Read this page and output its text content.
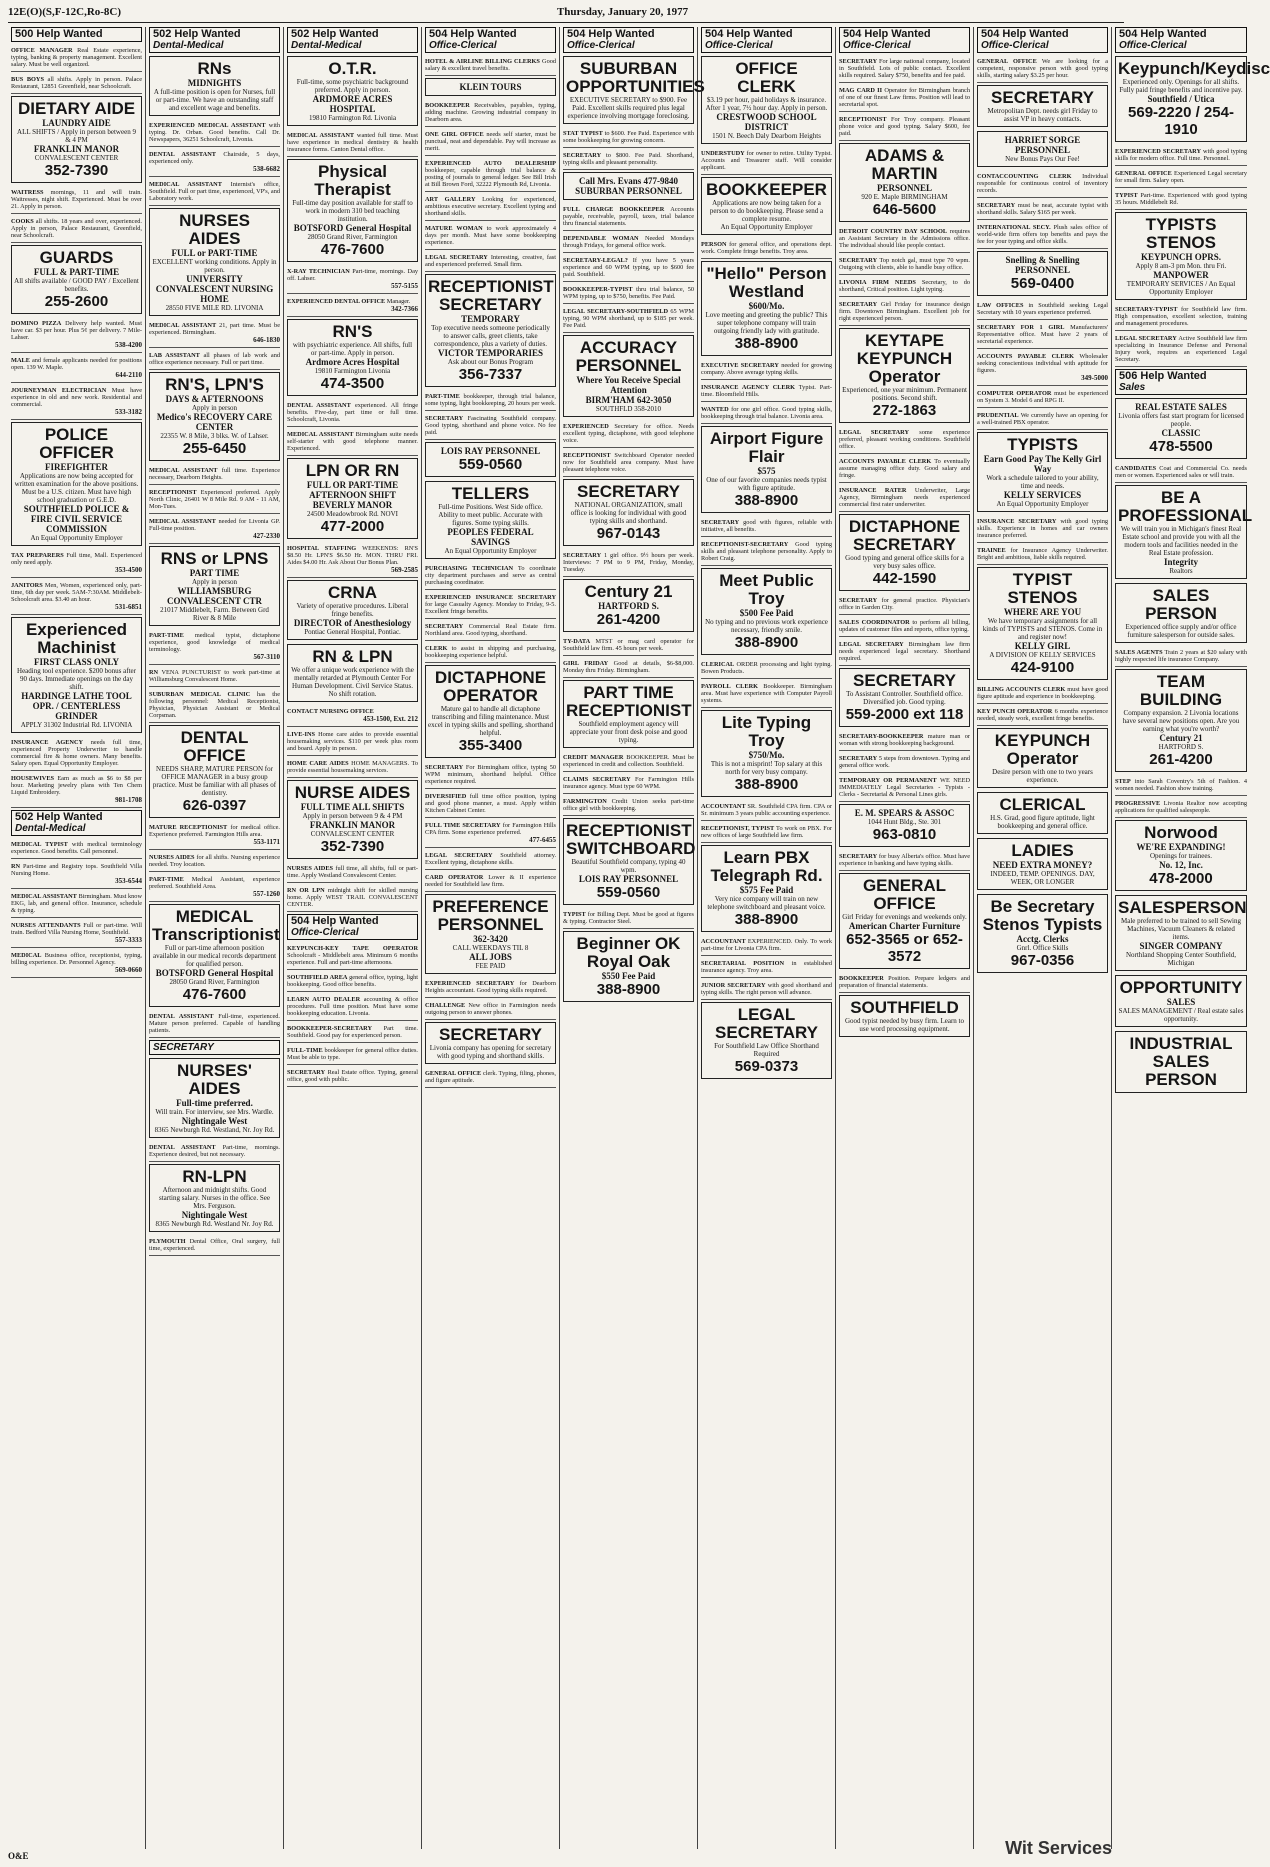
12E(O)(S,F-12C,Ro-8C)	Thursday, January 20, 1977
500 Help Wanted
OFFICE MANAGER Real Estate experience, typing, banking & property management. Excellent salary. Must be well organized.
BUS BOYS all shifts. Apply in person. Palace Restaurant, 12851 Greenfield, near Schoolcraft.
DIETARY AIDE
LAUNDRY AIDE
ALL SHIFTS / Apply in person between 9 & 4 PM
FRANKLIN MANOR
CONVALESCENT CENTER
352-7390
WAITRESS mornings, 11 and will train. Waitresses, night shift. Experienced. Must be over 21. Apply in person.
COOKS all shifts. 18 years and over, experienced. Apply in person, Palace Restaurant, Greenfield, near Schoolcraft.
GUARDS
FULL & PART-TIME
All shifts available / GOOD PAY / Excellent benefits.
255-2600
DOMINO PIZZA Delivery help wanted. Must have car. $3 per hour. Plus 5¢ per delivery. 7 Mile-Lahser.
538-4200
MALE and female applicants needed for positions open. 139 W. Maple.
644-2110
JOURNEYMAN ELECTRICIAN Must have experience in old and new work. Residential and commercial.
533-3182
POLICE OFFICER
FIREFIGHTER
Applications are now being accepted for written examination for the above positions. Must be a U.S. citizen. Must have high school graduation or G.E.D.
SOUTHFIELD POLICE & FIRE CIVIL SERVICE COMMISSION
An Equal Opportunity Employer
TAX PREPARERS Full time, Mall. Experienced only need apply.
353-4500
JANITORS Men, Women, experienced only, part-time, 6th day per week. 5AM-7:30AM. Middlebelt-Schoolcraft area. $3.40 an hour.
531-6851
Experienced Machinist
FIRST CLASS ONLY
Heading tool experience. $200 bonus after 90 days. Immediate openings on the day shift.
HARDINGE LATHE TOOL OPR. / CENTERLESS GRINDER
APPLY 31302 Industrial Rd. LIVONIA
INSURANCE AGENCY needs full time, experienced Property Underwriter to handle commercial fire & home owners. Many benefits. Salary open. Equal Opportunity Employer.
HOUSEWIVES Earn as much as $6 to $8 per hour. Marketing jewelry plans with Ten Chem Liquid Embroidery.
981-1708
502 Help Wanted
Dental-Medical
MEDICAL TYPIST with medical terminology experience. Good benefits. Call personnel.
RN Part-time and Registry tops. Southfield Villa Nursing Home.
353-6544
MEDICAL ASSISTANT Birmingham. Must know EKG, lab, and general office. Insurance, schedule & typing.
NURSES ATTENDANTS Full or part-time. Will train. Bedford Villa Nursing Home, Southfield.
557-3333
MEDICAL Business office, receptionist, typing, billing experience. Dr. Personnel Agency.
569-0660
502 Help Wanted
Dental-Medical
RNs
MIDNIGHTS
A full-time position is open for Nurses, full or part-time. We have an outstanding staff and excellent wage and benefits.
EXPERIENCED MEDICAL ASSISTANT with typing. Dr. Orban. Good benefits. Call Dr. Newspapers, 36251 Schoolcraft, Livonia.
DENTAL ASSISTANT Chairside, 5 days, experienced only.
538-6682
MEDICAL ASSISTANT Internist's office, Southfield. Full or part time, experienced, VP's, and Laboratory work.
NURSES AIDES
FULL or PART-TIME
EXCELLENT working conditions. Apply in person.
UNIVERSITY CONVALESCENT NURSING HOME
28550 FIVE MILE RD. LIVONIA
MEDICAL ASSISTANT 21, part time. Must be experienced. Birmingham.
646-1830
LAB ASSISTANT all phases of lab work and office experience necessary. Full or part time.
RN'S, LPN'S
DAYS & AFTERNOONS
Apply in person
Medico's RECOVERY CARE CENTER
22355 W. 8 Mile, 3 blks. W. of Lahser.
255-6450
MEDICAL ASSISTANT full time. Experience necessary, Dearborn Heights.
RECEPTIONIST Experienced preferred. Apply North Clinic, 26401 W 8 Mile Rd. 9 AM - 11 AM, Mon-Tues.
MEDICAL ASSISTANT needed for Livonia GP. Full-time position.
427-2330
RNS or LPNS
PART TIME
Apply in person
WILLIAMSBURG CONVALESCENT CTR
21017 Middlebelt, Farm. Between Grd River & 8 Mile
PART-TIME medical typist, dictaphone experience, good knowledge of medical terminology.
567-3110
RN VENA PUNCTURIST to work part-time at Williamsburg Convalescent Home.
SUBURBAN MEDICAL CLINIC has the following personnel: Medical Receptionist, Physician, Physician Assistant or Medical Corpsman.
DENTAL OFFICE
NEEDS SHARP, MATURE PERSON for OFFICE MANAGER in a busy group practice. Must be familiar with all phases of dentistry.
626-0397
MATURE RECEPTIONIST for medical office. Experience preferred. Farmington Hills area.
553-1171
NURSES AIDES for all shifts. Nursing experience needed. Troy location.
PART-TIME Medical Assistant, experience preferred. Southfield Area.
557-1260
MEDICAL Transcriptionist
Full or part-time afternoon position available in our medical records department for qualified person.
BOTSFORD General Hospital
28050 Grand River, Farmington
476-7600
DENTAL ASSISTANT Full-time, experienced. Mature person preferred. Capable of handling patients.
SECRETARY
NURSES' AIDES
Full-time preferred.
Will train. For interview, see Mrs. Wardle.
Nightingale West
8365 Newburgh Rd. Westland, Nr. Joy Rd.
DENTAL ASSISTANT Part-time, mornings. Experience desired, but not necessary.
RN-LPN
Afternoon and midnight shifts. Good starting salary. Nurses in the office. See Mrs. Ferguson.
Nightingale West
8365 Newburgh Rd. Westland Nr. Joy Rd.
PLYMOUTH Dental Office, Oral surgery, full time, experienced.
502 Help Wanted
Dental-Medical
O.T.R.
Full-time, some psychiatric background preferred. Apply in person.
ARDMORE ACRES HOSPITAL
19810 Farmington Rd. Livonia
MEDICAL ASSISTANT wanted full time. Must have experience in medical dentistry & health insurance forms. Canton Dental office.
Physical Therapist
Full-time day position available for staff to work in modern 310 bed teaching institution.
BOTSFORD General Hospital
28050 Grand River, Farmington
476-7600
X-RAY TECHNICIAN Part-time, mornings. Day off. Lahser.
557-5155
EXPERIENCED DENTAL OFFICE Manager.
342-7366
RN'S
with psychiatric experience. All shifts, full or part-time. Apply in person.
Ardmore Acres Hospital
19810 Farmington Livonia
474-3500
DENTAL ASSISTANT experienced. All fringe benefits. Five-day, part time or full time. Schoolcraft, Livonia.
MEDICAL ASSISTANT Birmingham suite needs self-starter with good telephone manner. Experienced.
LPN OR RN
FULL OR PART-TIME AFTERNOON SHIFT
BEVERLY MANOR
24500 Meadowbrook Rd. NOVI
477-2000
HOSPITAL STAFFING WEEKENDS: RN'S $8.50 Hr. LPN'S $6.50 Hr. MON. THRU FRI. Aides $4.00 Hr. Ask About Our Bonus Plan.
569-2585
CRNA
Variety of operative procedures. Liberal fringe benefits.
DIRECTOR of Anesthesiology
Pontiac General Hospital, Pontiac.
RN & LPN
We offer a unique work experience with the mentally retarded at Plymouth Center For Human Development. Civil Service Status. No shift rotation.
CONTACT NURSING OFFICE
453-1500, Ext. 212
LIVE-INS Home care aides to provide essential housemaking services. $110 per week plus room and board. Apply in person.
HOME CARE AIDES HOME MANAGERS. To provide essential housemaking services.
NURSE AIDES
FULL TIME ALL SHIFTS
Apply in person between 9 & 4 PM
FRANKLIN MANOR
CONVALESCENT CENTER
352-7390
NURSES AIDES full time, all shifts, full or part-time. Apply Westland Convalescent Center.
RN OR LPN midnight shift for skilled nursing home. Apply WEST TRAIL CONVALESCENT CENTER.
504 Help Wanted
Office-Clerical
KEYPUNCH-KEY TAPE OPERATOR Schoolcraft - Middlebelt area. Minimum 6 months experience. Full and part-time afternoons.
SOUTHFIELD AREA general office, typing, light bookkeeping. Good office benefits.
LEARN AUTO DEALER accounting & office procedures. Full time position. Must have some bookkeeping education. Livonia.
BOOKKEEPER-SECRETARY Part time. Southfield. Good pay for experienced person.
FULL-TIME bookkeeper for general office duties. Must be able to type.
SECRETARY Real Estate office. Typing, general office, good with public.
504 Help Wanted
Office-Clerical
HOTEL & AIRLINE BILLING CLERKS Good salary & excellent travel benefits.
KLEIN TOURS
BOOKKEEPER Receivables, payables, typing, adding machine. Growing industrial company in Dearborn area.
ONE GIRL OFFICE needs self starter, must be punctual, neat and dependable. Pay will increase as merit.
EXPERIENCED AUTO DEALERSHIP bookkeeper, capable through trial balance & posting of journals to general ledger. See Bill Irish at Bill Brown Ford, 32222 Plymouth Rd, Livonia.
ART GALLERY Looking for experienced, ambitious executive secretary. Excellent typing and shorthand skills.
MATURE WOMAN to work approximately 4 days per month. Must have some bookkeeping experience.
LEGAL SECRETARY Interesting, creative, fast and experienced preferred. Small firm.
RECEPTIONIST SECRETARY
TEMPORARY
Top executive needs someone periodically to answer calls, greet clients, take correspondence, plus a variety of duties.
VICTOR TEMPORARIES
Ask about our Bonus Program
356-7337
PART-TIME bookkeeper, through trial balance, some typing, light bookkeeping, 20 hours per week.
SECRETARY Fascinating Southfield company. Good typing, shorthand and phone voice. No fee paid.
LOIS RAY PERSONNEL
559-0560
TELLERS
Full-time Positions. West Side office. Ability to meet public. Accurate with figures. Some typing skills.
PEOPLES FEDERAL SAVINGS
An Equal Opportunity Employer
PURCHASING TECHNICIAN To coordinate city department purchases and serve as central purchasing coordinator.
EXPERIENCED INSURANCE SECRETARY for large Casualty Agency. Monday to Friday, 9-5. Excellent fringe benefits.
SECRETARY Commercial Real Estate firm. Northland area. Good typing, shorthand.
CLERK to assist in shipping and purchasing, bookkeeping experience helpful.
DICTAPHONE OPERATOR
Mature gal to handle all dictaphone transcribing and filing maintenance. Must excel in typing skills and spelling, shorthand helpful.
355-3400
SECRETARY For Birmingham office, typing 50 WPM minimum, shorthand helpful. Office experience required.
DIVERSIFIED full time office position, typing and good phone manner, a must. Apply within Kitchen Cabinet Center.
FULL TIME SECRETARY for Farmington Hills CPA firm. Some experience preferred.
477-6455
LEGAL SECRETARY Southfield attorney. Excellent typing, dictaphone skills.
CARD OPERATOR Lower & II experience needed for Southfield law firm.
PREFERENCE PERSONNEL
362-3420
CALL WEEKDAYS TIL 8
ALL JOBS
FEE PAID
EXPERIENCED SECRETARY for Dearborn Heights accountant. Good typing skills required.
CHALLENGE New office in Farmington needs outgoing person to answer phones.
SECRETARY
Livonia company has opening for secretary with good typing and shorthand skills.
GENERAL OFFICE clerk. Typing, filing, phones, and figure aptitude.
504 Help Wanted
Office-Clerical
SUBURBAN OPPORTUNITIES
EXECUTIVE SECRETARY to $900. Fee Paid. Excellent skills required plus legal experience involving mortgage foreclosing.
STAT TYPIST to $600. Fee Paid. Experience with some bookkeeping for growing concern.
SECRETARY to $800. Fee Paid. Shorthand, typing skills and pleasant personality.
Call Mrs. Evans 477-9840
SUBURBAN PERSONNEL
FULL CHARGE BOOKKEEPER Accounts payable, receivable, payroll, taxes, trial balance thru financial statements.
DEPENDABLE WOMAN Needed Mondays through Fridays, for general office work.
SECRETARY-LEGAL? If you have 5 years experience and 60 WPM typing, up to $600 fee paid. Southfield.
BOOKKEEPER-TYPIST thru trial balance, 50 WPM typing, up to $750, benefits. Fee Paid.
LEGAL SECRETARY-SOUTHFIELD 65 WPM typing, 90 WPM shorthand, up to $185 per week. Fee Paid.
ACCURACY PERSONNEL
Where You Receive Special Attention
BIRM'HAM 642-3050
SOUTHFLD 358-2010
EXPERIENCED Secretary for office. Needs excellent typing, dictaphone, with good telephone voice.
RECEPTIONIST Switchboard Operator needed now for Southfield area company. Must have pleasant telephone voice.
SECRETARY
NATIONAL ORGANIZATION, small office is looking for individual with good typing skills and shorthand.
967-0143
SECRETARY 1 girl office. 9½ hours per week. Interviews: 7 PM to 9 PM, Friday, Monday, Tuesday.
Century 21
HARTFORD S.
261-4200
TY-DATA MTST or mag card operator for Southfield law firm. 45 hours per week.
GIRL FRIDAY Good at details, $6-$8,000. Monday thru Friday. Birmingham.
PART TIME RECEPTIONIST
Southfield employment agency will appreciate your front desk poise and good typing.
CREDIT MANAGER BOOKKEEPER. Must be experienced in credit and collection. Southfield.
CLAIMS SECRETARY For Farmington Hills insurance agency. Must type 60 WPM.
FARMINGTON Credit Union seeks part-time office girl with bookkeeping.
RECEPTIONIST SWITCHBOARD
Beautiful Southfield company, typing 40 wpm.
LOIS RAY PERSONNEL
559-0560
TYPIST for Billing Dept. Must be good at figures & typing. Contractor Steel.
Beginner OK Royal Oak
$550 Fee Paid
388-8900
504 Help Wanted
Office-Clerical
OFFICE CLERK
$3.19 per hour, paid holidays & insurance. After 1 year, 7½ hour day. Apply in person.
CRESTWOOD SCHOOL DISTRICT
1501 N. Beech Daly Dearborn Heights
UNDERSTUDY for owner to retire. Utility Typist. Accounts and Treasurer staff. Will consider applicant.
BOOKKEEPER
Applications are now being taken for a person to do bookkeeping. Please send a complete resume.
An Equal Opportunity Employer
PERSON for general office, and operations dept. work. Complete fringe benefits. Troy area.
"Hello" Person Westland
$600/Mo.
Love meeting and greeting the public? This super telephone company will train outgoing friendly lady with gratitude.
388-8900
EXECUTIVE SECRETARY needed for growing company. Above average typing skills.
INSURANCE AGENCY CLERK Typist. Part-time. Bloomfield Hills.
WANTED for one girl office. Good typing skills, bookkeeping through trial balance. Livonia area.
Airport Figure Flair
$575
One of our favorite companies needs typist with figure aptitude.
388-8900
SECRETARY good with figures, reliable with initiative, all benefits.
RECEPTIONIST-SECRETARY Good typing skills and pleasant telephone personality. Apply to Robert Craig.
Meet Public Troy
$500 Fee Paid
No typing and no previous work experience necessary, friendly smile.
388-8900
CLERICAL ORDER processing and light typing. Bowen Products.
PAYROLL CLERK Bookkeeper. Birmingham area. Must have experience with Computer Payroll systems.
Lite Typing Troy
$750/Mo.
This is not a misprint! Top salary at this north for very busy company.
388-8900
ACCOUNTANT SR. Southfield CPA firm. CPA or Sr. minimum 3 years public accounting experience.
RECEPTIONIST, TYPIST To work on PBX. For new offices of large Southfield law firm.
Learn PBX Telegraph Rd.
$575 Fee Paid
Very nice company will train on new telephone switchboard and pleasant voice.
388-8900
ACCOUNTANT EXPERIENCED. Only. To work part-time for Livonia CPA firm.
SECRETARIAL POSITION in established insurance agency. Troy area.
JUNIOR SECRETARY with good shorthand and typing skills. The right person will advance.
LEGAL SECRETARY
For Southfield Law Office Shorthand Required
569-0373
504 Help Wanted
Office-Clerical
SECRETARY For large national company, located in Southfield. Lots of public contact. Excellent skills required. Salary $750, benefits and fee paid.
MAG CARD II Operator for Birmingham branch of one of our finest Law firms. Position will lead to secretarial spot.
RECEPTIONIST For Troy company. Pleasant phone voice and good typing. Salary $600, fee paid.
ADAMS & MARTIN
PERSONNEL
920 E. Maple BIRMINGHAM
646-5600
DETROIT COUNTRY DAY SCHOOL requires an Assistant Secretary in the Admissions office. The individual should like people contact.
SECRETARY Top notch gal, must type 70 wpm. Outgoing with clients, able to handle busy office.
LIVONIA FIRM NEEDS Secretary, to do shorthand, Critical position. Light typing.
SECRETARY Girl Friday for insurance design firm. Downtown Birmingham. Excellent job for right experienced person.
KEYTAPE KEYPUNCH Operator
Experienced, one year minimum. Permanent positions. Second shift.
272-1863
LEGAL SECRETARY some experience preferred, pleasant working conditions. Southfield office.
ACCOUNTS PAYABLE CLERK To eventually assume managing office duty. Good salary and fringe.
INSURANCE RATER Underwriter, Large Agency, Birmingham needs experienced commercial first rater underwriter.
DICTAPHONE SECRETARY
Good typing and general office skills for a very busy sales office.
442-1590
SECRETARY for general practice. Physician's office in Garden City.
SALES COORDINATOR to perform all billing, updates of customer files and reports, office typing.
LEGAL SECRETARY Birmingham law firm needs experienced legal secretary. Shorthand required.
SECRETARY
To Assistant Controller. Southfield office. Diversified job. Good typing.
559-2000 ext 118
SECRETARY-BOOKKEEPER mature man or woman with strong bookkeeping background.
SECRETARY 5 steps from downtown. Typing and general office work.
TEMPORARY OR PERMANENT WE NEED IMMEDIATELY Legal Secretaries - Typists - Clerks - Secretarial & Personal Lines girls.
E. M. SPEARS & ASSOC
1044 Hunt Bldg., Ste. 301
963-0810
SECRETARY for busy Alberta's office. Must have experience in banking and have typing skills.
GENERAL OFFICE
Girl Friday for evenings and weekends only.
American Charter Furniture
652-3565 or 652-3572
BOOKKEEPER Position. Prepare ledgers and preparation of financial statements.
SOUTHFIELD
Good typist needed by busy firm. Learn to use word processing equipment.
504 Help Wanted
Office-Clerical
GENERAL OFFICE We are looking for a competent, responsive person with good typing skills, starting salary $3.25 per hour.
SECRETARY
Metropolitan Dept. needs girl Friday to assist VP in heavy contacts.
HARRIET SORGE PERSONNEL
New Bonus Pays Our Fee!
CONTACCOUNTING CLERK Individual responsible for continuous control of inventory records.
SECRETARY must be neat, accurate typist with shorthand skills. Salary $165 per week.
INTERNATIONAL SECY. Plush sales office of world-wide firm offers top benefits and pays the fee for your typing and office skills.
Snelling & Snelling PERSONNEL
569-0400
LAW OFFICES in Southfield seeking Legal Secretary with 10 years experience preferred.
SECRETARY FOR 1 GIRL Manufacturers' Representative office. Must have 2 years of secretarial experience.
ACCOUNTS PAYABLE CLERK Wholesaler seeking conscientious individual with aptitude for figures.
349-5000
COMPUTER OPERATOR must be experienced on System 3. Model 6 and RPG II.
PRUDENTIAL We currently have an opening for a well-trained PBX operator.
TYPISTS
Earn Good Pay The Kelly Girl Way
Work a schedule tailored to your ability, time and needs.
KELLY SERVICES
An Equal Opportunity Employer
INSURANCE SECRETARY with good typing skills. Experience in homes and car owners insurance preferred.
TRAINEE for Insurance Agency Underwriter. Bright and ambitious, liable skills required.
TYPIST STENOS
WHERE ARE YOU
We have temporary assignments for all kinds of TYPISTS and STENOS. Come in and register now!
KELLY GIRL
A DIVISION OF KELLY SERVICES
424-9100
BILLING ACCOUNTS CLERK must have good figure aptitude and experience in bookkeeping.
KEY PUNCH OPERATOR 6 months experience needed, steady work, excellent fringe benefits.
KEYPUNCH Operator
Desire person with one to two years experience.
CLERICAL
H.S. Grad, good figure aptitude, light bookkeeping and general office.
LADIES
NEED EXTRA MONEY?
INDEED, TEMP. OPENINGS. DAY, WEEK, OR LONGER
Be Secretary Stenos Typists
Acctg. Clerks
Gnrl. Office Skills
967-0356
504 Help Wanted
Office-Clerical
Keypunch/Keydisc
Experienced only. Openings for all shifts. Fully paid fringe benefits and incentive pay.
Southfield / Utica
569-2220 / 254-1910
EXPERIENCED SECRETARY with good typing skills for modern office. Full time. Personnel.
GENERAL OFFICE Experienced Legal secretary for small firm. Salary open.
TYPIST Part-time. Experienced with good typing 35 hours. Middlebelt Rd.
TYPISTS STENOS
KEYPUNCH OPRS.
Apply 8 am-3 pm Mon. thru Fri.
MANPOWER
TEMPORARY SERVICES / An Equal Opportunity Employer
SECRETARY-TYPIST for Southfield law firm. High compensation, excellent selection, training and management procedures.
LEGAL SECRETARY Active Southfield law firm specializing in Insurance Defense and Personal Injury work, requires an experienced Legal Secretary.
506 Help Wanted
Sales
REAL ESTATE SALES
Livonia offers fast start program for licensed people.
CLASSIC
478-5500
CANDIDATES Coat and Commercial Co. needs men or women. Experienced sales or will train.
BE A PROFESSIONAL
We will train you in Michigan's finest Real Estate school and provide you with all the modern tools and facilities needed in the Real Estate profession.
Integrity
Realtors
SALES PERSON
Experienced office supply and/or office furniture salesperson for outside sales.
SALES AGENTS Train 2 years at $20 salary with highly respected life insurance Company.
TEAM BUILDING
Company expansion. 2 Livonia locations have several new positions open. Are you earning what you're worth?
Century 21
HARTFORD S.
261-4200
STEP into Sarah Coventry's 5th of Fashion. 4 women needed. Fashion show training.
PROGRESSIVE Livonia Realtor now accepting applications for qualified salespeople.
Norwood
WE'RE EXPANDING!
Openings for trainees.
No. 12, Inc.
478-2000
SALESPERSON
Male preferred to be trained to sell Sewing Machines, Vacuum Cleaners & related items.
SINGER COMPANY
Northland Shopping Center Southfield, Michigan
OPPORTUNITY
SALES
SALES MANAGEMENT / Real estate sales opportunity.
INDUSTRIAL SALES PERSON
O&E	Wit Services
